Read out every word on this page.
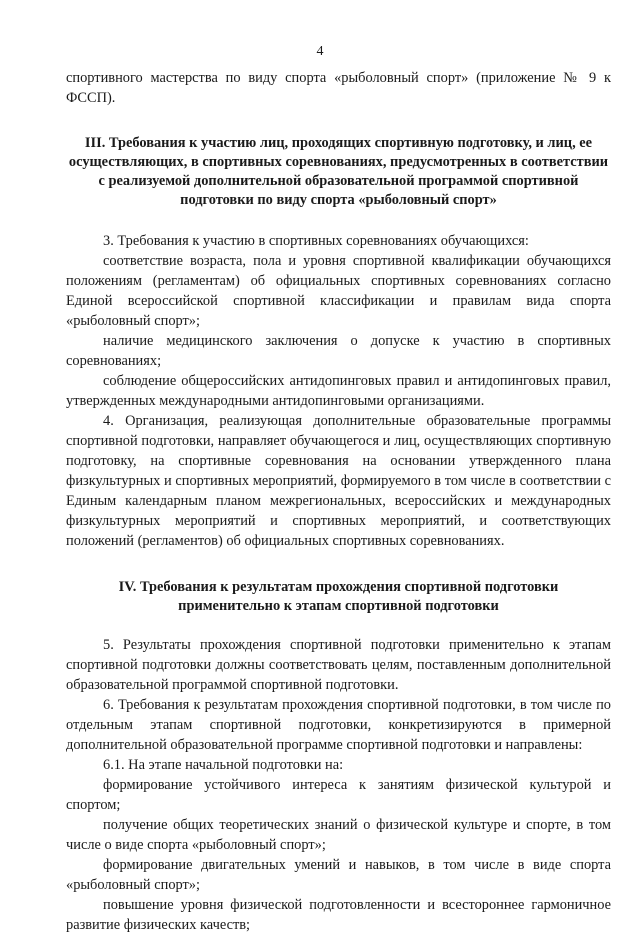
4

спортивного мастерства по виду спорта «рыболовный спорт» (приложение № 9 к ФССП).

III. Требования к участию лиц, проходящих спортивную подготовку, и лиц, ее осуществляющих, в спортивных соревнованиях, предусмотренных в соответствии с реализуемой дополнительной образовательной программой спортивной подготовки по виду спорта «рыболовный спорт»

3. Требования к участию в спортивных соревнованиях обучающихся:

соответствие возраста, пола и уровня спортивной квалификации обучающихся положениям (регламентам) об официальных спортивных соревнованиях согласно Единой всероссийской спортивной классификации и правилам вида спорта «рыболовный спорт»;

наличие медицинского заключения о допуске к участию в спортивных соревнованиях;

соблюдение общероссийских антидопинговых правил и антидопинговых правил, утвержденных международными антидопинговыми организациями.

4. Организация, реализующая дополнительные образовательные программы спортивной подготовки, направляет обучающегося и лиц, осуществляющих спортивную подготовку, на спортивные соревнования на основании утвержденного плана физкультурных и спортивных мероприятий, формируемого в том числе в соответствии с Единым календарным планом межрегиональных, всероссийских и международных физкультурных мероприятий и спортивных мероприятий, и соответствующих положений (регламентов) об официальных спортивных соревнованиях.

IV. Требования к результатам прохождения спортивной подготовки применительно к этапам спортивной подготовки

5. Результаты прохождения спортивной подготовки применительно к этапам спортивной подготовки должны соответствовать целям, поставленным дополнительной образовательной программой спортивной подготовки.

6. Требования к результатам прохождения спортивной подготовки, в том числе по отдельным этапам спортивной подготовки, конкретизируются в примерной дополнительной образовательной программе спортивной подготовки и направлены:

6.1. На этапе начальной подготовки на:

формирование устойчивого интереса к занятиям физической культурой и спортом;

получение общих теоретических знаний о физической культуре и спорте, в том числе о виде спорта «рыболовный спорт»;

формирование двигательных умений и навыков, в том числе в виде спорта «рыболовный спорт»;

повышение уровня физической подготовленности и всестороннее гармоничное развитие физических качеств;
